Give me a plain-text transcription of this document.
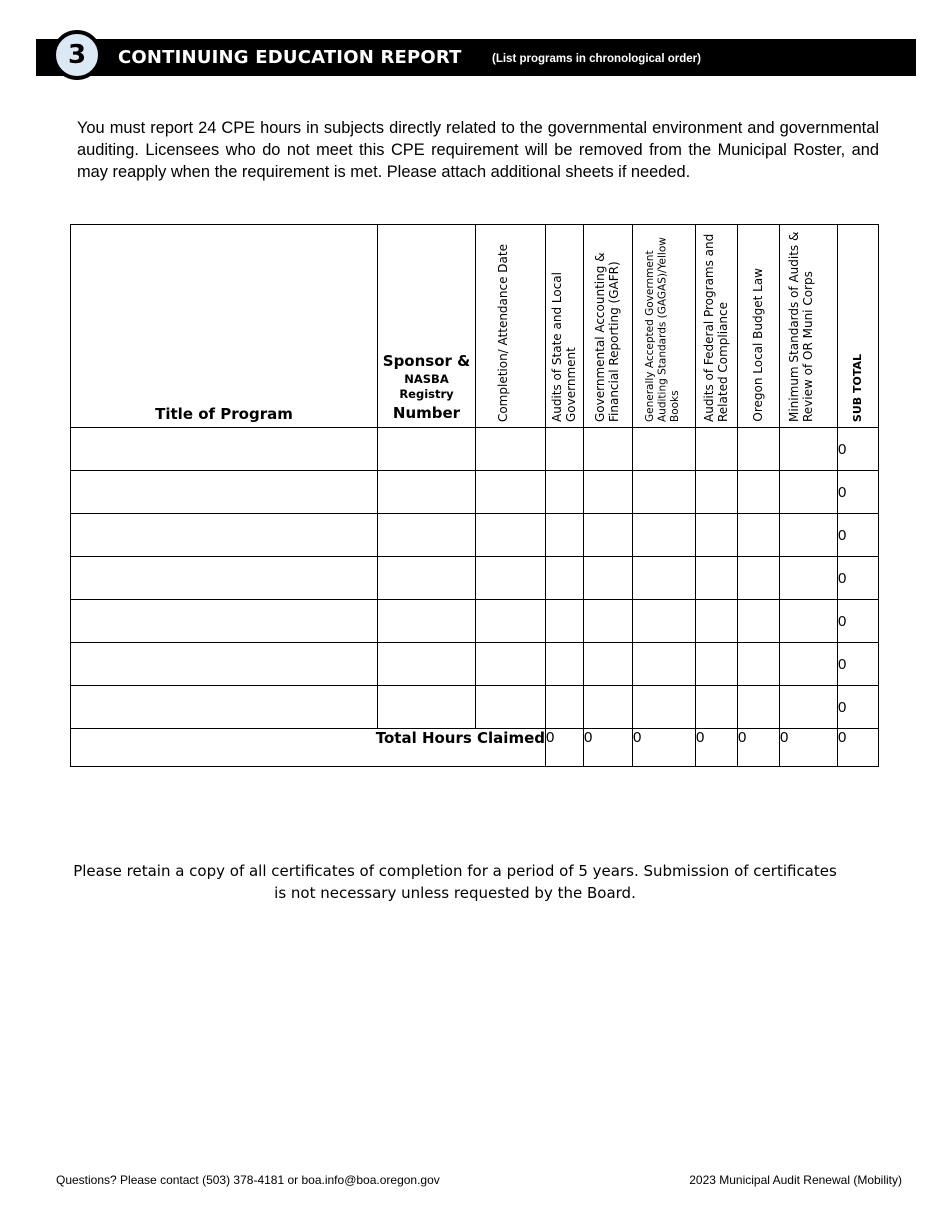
3	CONTINUING EDUCATION REPORT	(List programs in chronological order)

You must report 24 CPE hours in subjects directly related to the governmental environment and governmental auditing. Licensees who do not meet this CPE requirement will be removed from the Municipal Roster, and may reapply when the requirement is met. Please attach additional sheets if needed.

Title of Program	Sponsor &
NASBA Registry
Number	Completion/ Attendance Date	Audits of State and Local Government	Governmental Accounting & Financial Reporting (GAFR)	Generally Accepted Government Auditing Standards (GAGAS)/Yellow Books	Audits of Federal Programs and Related Compliance	Oregon Local Budget Law	Minimum Standards of Audits & Review of OR Muni Corps	SUB TOTAL
									0
									0
									0
									0
									0
									0
									0
Total Hours Claimed			0	0	0	0	0	0	0

Please retain a copy of all certificates of completion for a period of 5 years. Submission of certificates
is not necessary unless requested by the Board.

Questions? Please contact (503) 378-4181 or boa.info@boa.oregon.gov	2023 Municipal Audit Renewal (Mobility)
